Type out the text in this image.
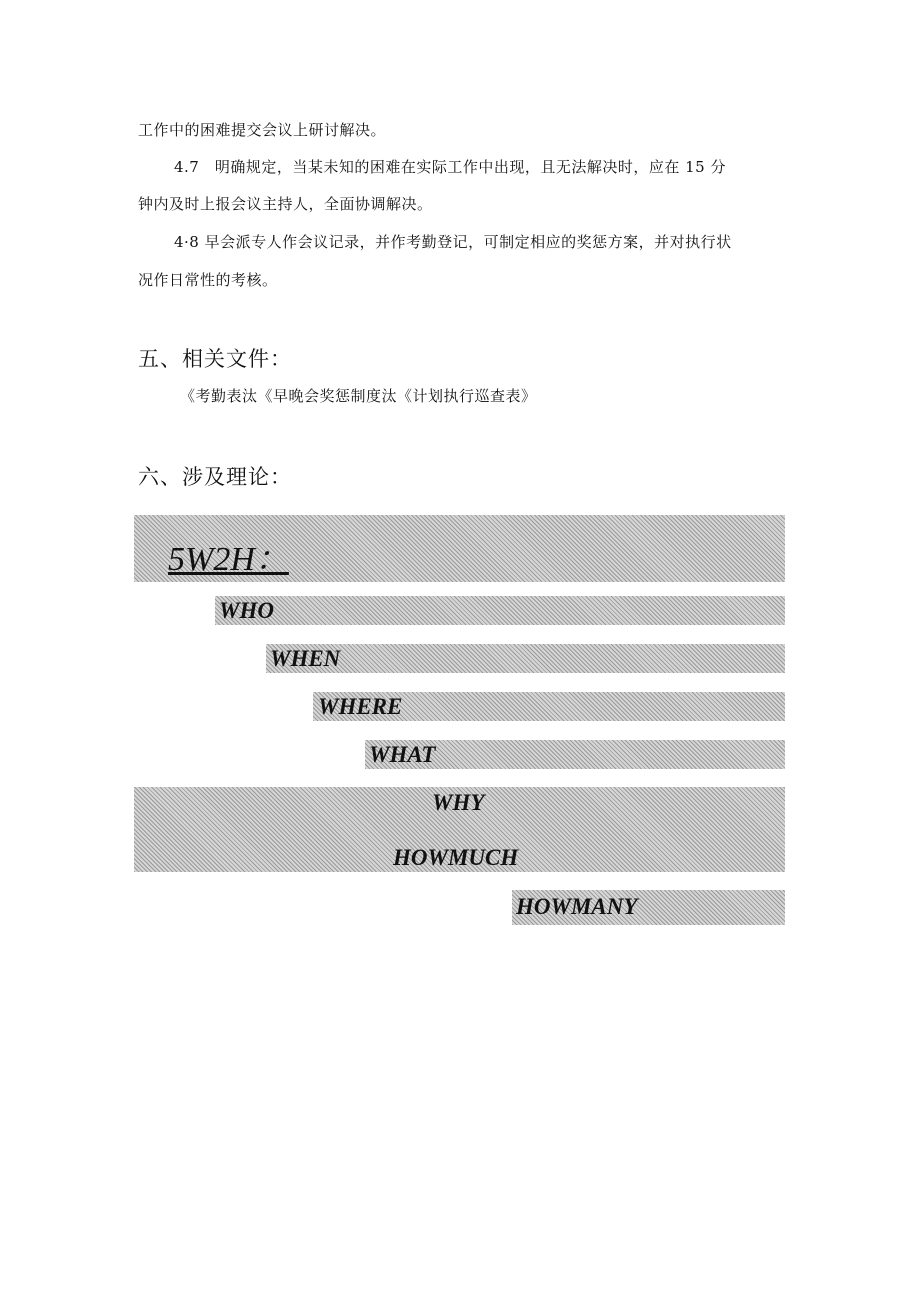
工作中的困难提交会议上研讨解决。
4.7　明确规定，当某未知的困难在实际工作中出现，且无法解决时，应在 15 分
钟内及时上报会议主持人，全面协调解决。
4·8 早会派专人作会议记录，并作考勤登记，可制定相应的奖惩方案，并对执行状
况作日常性的考核。
五、相关文件：
《考勤表汰《早晚会奖惩制度汰《计划执行巡查表》
六、涉及理论：
5W2H：
WHO
WHEN
WHERE
WHAT
WHY
HOWMUCH
HOWMANY
